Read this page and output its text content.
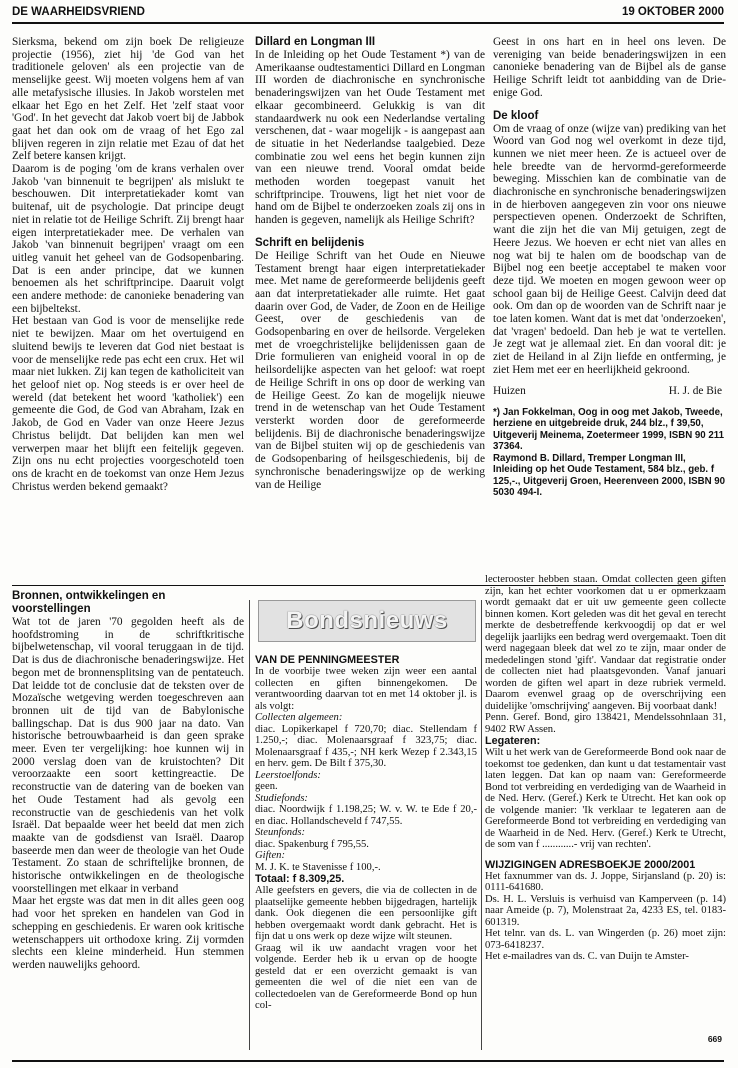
DE WAARHEIDSVRIEND	19 OKTOBER 2000

Sierksma, bekend om zijn boek De religieuze projectie (1956), ziet hij 'de God van het traditionele geloven' als een projectie van de menselijke geest. Wij moeten volgens hem af van alle metafysische illusies. In Jakob worstelen met elkaar het Ego en het Zelf. Het 'zelf staat voor 'God'. In het gevecht dat Jakob voert bij de Jabbok gaat het dan ook om de vraag of het Ego zal blijven regeren in zijn relatie met Ezau of dat het Zelf betere kansen krijgt.

Daarom is de poging 'om de krans verhalen over Jakob 'van binnenuit te begrijpen' als mislukt te beschouwen. Dit interpretatiekader komt van buitenaf, uit de psychologie. Dat principe deugt niet in relatie tot de Heilige Schrift. Zij brengt haar eigen interpretatiekader mee. De verhalen van Jakob 'van binnenuit begrijpen' vraagt om een uitleg vanuit het geheel van de Godsopenbaring. Dat is een ander principe, dat we kunnen benoemen als het schriftprincipe. Daaruit volgt een andere methode: de canonieke benadering van een bijbeltekst.

Het bestaan van God is voor de menselijke rede niet te bewijzen. Maar om het overtuigend en sluitend bewijs te leveren dat God niet bestaat is voor de menselijke rede pas echt een crux. Het wil maar niet lukken. Zij kan tegen de katholiciteit van het geloof niet op. Nog steeds is er over heel de wereld (dat betekent het woord 'katholiek') een gemeente die God, de God van Abraham, Izak en Jakob, de God en Vader van onze Heere Jezus Christus belijdt. Dat belijden kan men wel verwerpen maar het blijft een feitelijk gegeven. Zijn ons nu echt projecties voorgeschoteld toen ons de kracht en de toekomst van onze Hem Jezus Christus werden bekend gemaakt?

Dillard en Longman III

In de Inleiding op het Oude Testament *) van de Amerikaanse oudtestamentici Dillard en Longman III worden de diachronische en synchronische benaderingswijzen van het Oude Testament met elkaar gecombineerd. Gelukkig is van dit standaardwerk nu ook een Nederlandse vertaling verschenen, dat - waar mogelijk - is aangepast aan de situatie in het Nederlandse taalgebied. Deze combinatie zou wel eens het begin kunnen zijn van een nieuwe trend. Vooral omdat beide methoden worden toegepast vanuit het schriftprincipe. Trouwens, ligt het niet voor de hand om de Bijbel te onderzoeken zoals zij ons in handen is gegeven, namelijk als Heilige Schrift?

Schrift en belijdenis

De Heilige Schrift van het Oude en Nieuwe Testament brengt haar eigen interpretatiekader mee. Met name de gereformeerde belijdenis geeft aan dat interpretatiekader alle ruimte. Het gaat daarin over God, de Vader, de Zoon en de Heilige Geest, over de geschiedenis van de Godsopenbaring en over de heilsorde. Vergeleken met de vroegchristelijke belijdenissen gaan de Drie formulieren van enigheid vooral in op de heilsordelijke aspecten van het geloof: wat roept de Heilige Schrift in ons op door de werking van de Heilige Geest. Zo kan de mogelijk nieuwe trend in de wetenschap van het Oude Testament versterkt worden door de gereformeerde belijdenis. Bij de diachronische benaderingswijze van de Bijbel stuiten wij op de geschiedenis van de Godsopenbaring of heilsgeschiedenis, bij de synchronische benaderingswijze op de werking van de Heilige

Geest in ons hart en in heel ons leven. De vereniging van beide benaderingswijzen in een canonieke benadering van de Bijbel als de ganse Heilige Schrift leidt tot aanbidding van de Drie-enige God.

De kloof

Om de vraag of onze (wijze van) prediking van het Woord van God nog wel overkomt in deze tijd, kunnen we niet meer heen. Ze is actueel over de hele breedte van de hervormd-gereformeerde beweging. Misschien kan de combinatie van de diachronische en synchronische benaderingswijzen in de hierboven aangegeven zin voor ons nieuwe perspectieven openen. Onderzoekt de Schriften, want die zijn het die van Mij getuigen, zegt de Heere Jezus. We hoeven er echt niet van alles en nog wat bij te halen om de boodschap van de Bijbel nog een beetje acceptabel te maken voor deze tijd. We moeten en mogen gewoon weer op school gaan bij de Heilige Geest. Calvijn deed dat ook. Om dan op de woorden van de Schrift naar je toe laten komen. Want dat is met dat 'onderzoeken', dat 'vragen' bedoeld. Dan heb je wat te vertellen. Je zegt wat je allemaal ziet. En dan vooral dit: je ziet de Heiland in al Zijn liefde en ontferming, je ziet Hem met eer en heerlijkheid gekroond.

Huizen	H. J. de Bie

*) Jan Fokkelman, Oog in oog met Jakob, Tweede, herziene en uitgebreide druk, 244 blz., f 39,50, Uitgeverij Meinema, Zoetermeer 1999, ISBN 90 211 37364.

Raymond B. Dillard, Tremper Longman III, Inleiding op het Oude Testament, 584 blz., geb. f 125,-., Uitgeverij Groen, Heerenveen 2000, ISBN 90 5030 494-I.

Bronnen, ontwikkelingen en voorstellingen

Wat tot de jaren '70 gegolden heeft als de hoofdstroming in de schriftkritische bijbelwetenschap, vil vooral teruggaan in de tijd. Dat is dus de diachronische benaderingswijze. Het begon met de bronnensplitsing van de pentateuch. Dat leidde tot de conclusie dat de teksten over de Mozaïsche wetgeving werden toegeschreven aan bronnen uit de tijd van de Babylonische ballingschap. Dat is dus 900 jaar na dato. Van historische betrouwbaarheid is dan geen sprake meer. Even ter vergelijking: hoe kunnen wij in 2000 verslag doen van de kruistochten? Dit veroorzaakte een soort kettingreactie. De reconstructie van de datering van de boeken van het Oude Testament had als gevolg een reconstructie van de geschiedenis van het volk Israël. Dat bepaalde weer het beeld dat men zich maakte van de godsdienst van Israël. Daarop baseerde men dan weer de theologie van het Oude Testament. Zo staan de schriftelijke bronnen, de historische ontwikkelingen en de theologische voorstellingen met elkaar in verband

Maar het ergste was dat men in dit alles geen oog had voor het spreken en handelen van God in schepping en geschiedenis. Er waren ook kritische wetenschappers uit orthodoxe kring. Zij vormden slechts een kleine minderheid. Hun stemmen werden nauwelijks gehoord.

Bondsnieuws
VAN DE PENNINGMEESTER

In de voorbije twee weken zijn weer een aantal collecten en giften binnengekomen. De verantwoording daarvan tot en met 14 oktober jl. is als volgt:

Collecten algemeen:

diac. Lopikerkapel f 720,70; diac. Stellendam f 1.250,-; diac. Molenaarsgraaf f 323,75; diac. Molenaarsgraaf f 435,-; NH kerk Wezep f 2.343,15 en herv. gem. De Bilt f 375,30.

Leerstoelfonds:

geen.

Studiefonds:

diac. Noordwijk f 1.198,25; W. v. W. te Ede f 20,- en diac. Hollandscheveld f 747,55.

Steunfonds:

diac. Spakenburg f 795,55.

Giften:

M. J. K. te Stavenisse f 100,-.

Totaal: f 8.309,25.

Alle geefsters en gevers, die via de collecten in de plaatselijke gemeente hebben bijgedragen, hartelijk dank. Ook diegenen die een persoonlijke gift hebben overgemaakt wordt dank gebracht. Het is fijn dat u ons werk op deze wijze wilt steunen.

Graag wil ik uw aandacht vragen voor het volgende. Eerder heb ik u ervan op de hoogte gesteld dat er een overzicht gemaakt is van gemeenten die wel of die niet een van de collectedoelen van de Gereformeerde Bond op hun col-

lecterooster hebben staan. Omdat collecten geen giften zijn, kan het echter voorkomen dat u er opmerkzaam wordt gemaakt dat er uit uw gemeente geen collecte binnen komen. Kort geleden was dit het geval en terecht merkte de desbetreffende kerkvoogdij op dat er wel degelijk jaarlijks een bedrag werd overgemaakt. Toen dit werd nagegaan bleek dat wel zo te zijn, maar onder de mededelingen stond 'gift'. Vandaar dat registratie onder de collecten niet had plaatsgevonden. Vanaf januari worden de giften wel apart in deze rubriek vermeld. Daarom evenwel graag op de overschrijving een duidelijke 'omschrijving' aangeven. Bij voorbaat dank!

Penn. Geref. Bond, giro 138421, Mendelssohnlaan 31, 9402 RW Assen.

Legateren:

Wilt u het werk van de Gereformeerde Bond ook naar de toekomst toe gedenken, dan kunt u dat testamentair vast laten leggen. Dat kan op naam van: Gereformeerde Bond tot verbreiding en verdediging van de Waarheid in de Ned. Herv. (Geref.) Kerk te Utrecht. Het kan ook op de volgende manier: 'Ik verklaar te legateren aan de Gereformeerde Bond tot verbreiding en verdediging van de Waarheid in de Ned. Herv. (Geref.) Kerk te Utrecht, de som van f ............- vrij van rechten'.

WIJZIGINGEN ADRESBOEKJE 2000/2001

Het faxnummer van ds. J. Joppe, Sirjansland (p. 20) is: 0111-641680.

Ds. H. L. Versluis is verhuisd van Kamperveen (p. 14) naar Ameide (p. 7), Molenstraat 2a, 4233 ES, tel. 0183-601319.

Het telnr. van ds. L. van Wingerden (p. 26) moet zijn: 073-6418237.

Het e-mailadres van ds. C. van Duijn te Amster-

669
